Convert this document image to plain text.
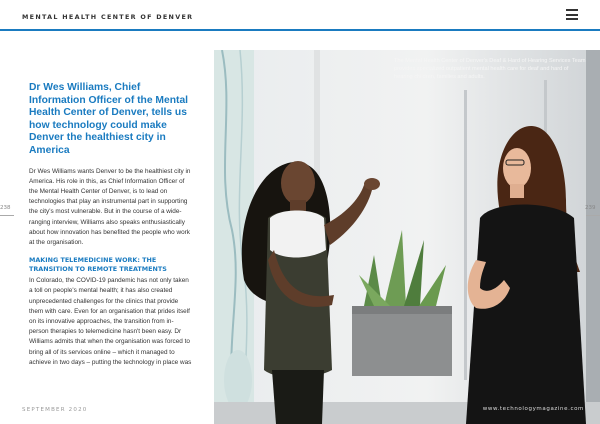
MENTAL HEALTH CENTER OF DENVER
238
Dr Wes Williams, Chief Information Officer of the Mental Health Center of Denver, tells us how technology could make Denver the healthiest city in America

Dr Wes Williams wants Denver to be the healthiest city in America. His role in this, as Chief Information Officer of the Mental Health Center of Denver, is to lead on technologies that play an instrumental part in supporting the city's most vulnerable. But in the course of a wide-ranging interview, Williams also speaks enthusiastically about how innovation has benefited the people who work at the organisation.

MAKING TELEMEDICINE WORK: THE TRANSITION TO REMOTE TREATMENTS

In Colorado, the COVID-19 pandemic has not only taken a toll on people's mental health; it has also created unprecedented challenges for the clinics that provide them with care. Even for an organisation that prides itself on its innovative approaches, the transition from in-person therapies to telemedicine hasn't been easy. Dr Williams admits that when the organisation was forced to bring all of its services online – which it managed to achieve in two days – putting the technology in place was

The Mental Health Center of Denver's Deaf & Hard of Hearing Services Team provides specialized outpatient mental health care for deaf and hard of hearing children, families and adults.
239
SEPTEMBER 2020	www.technologymagazine.com
